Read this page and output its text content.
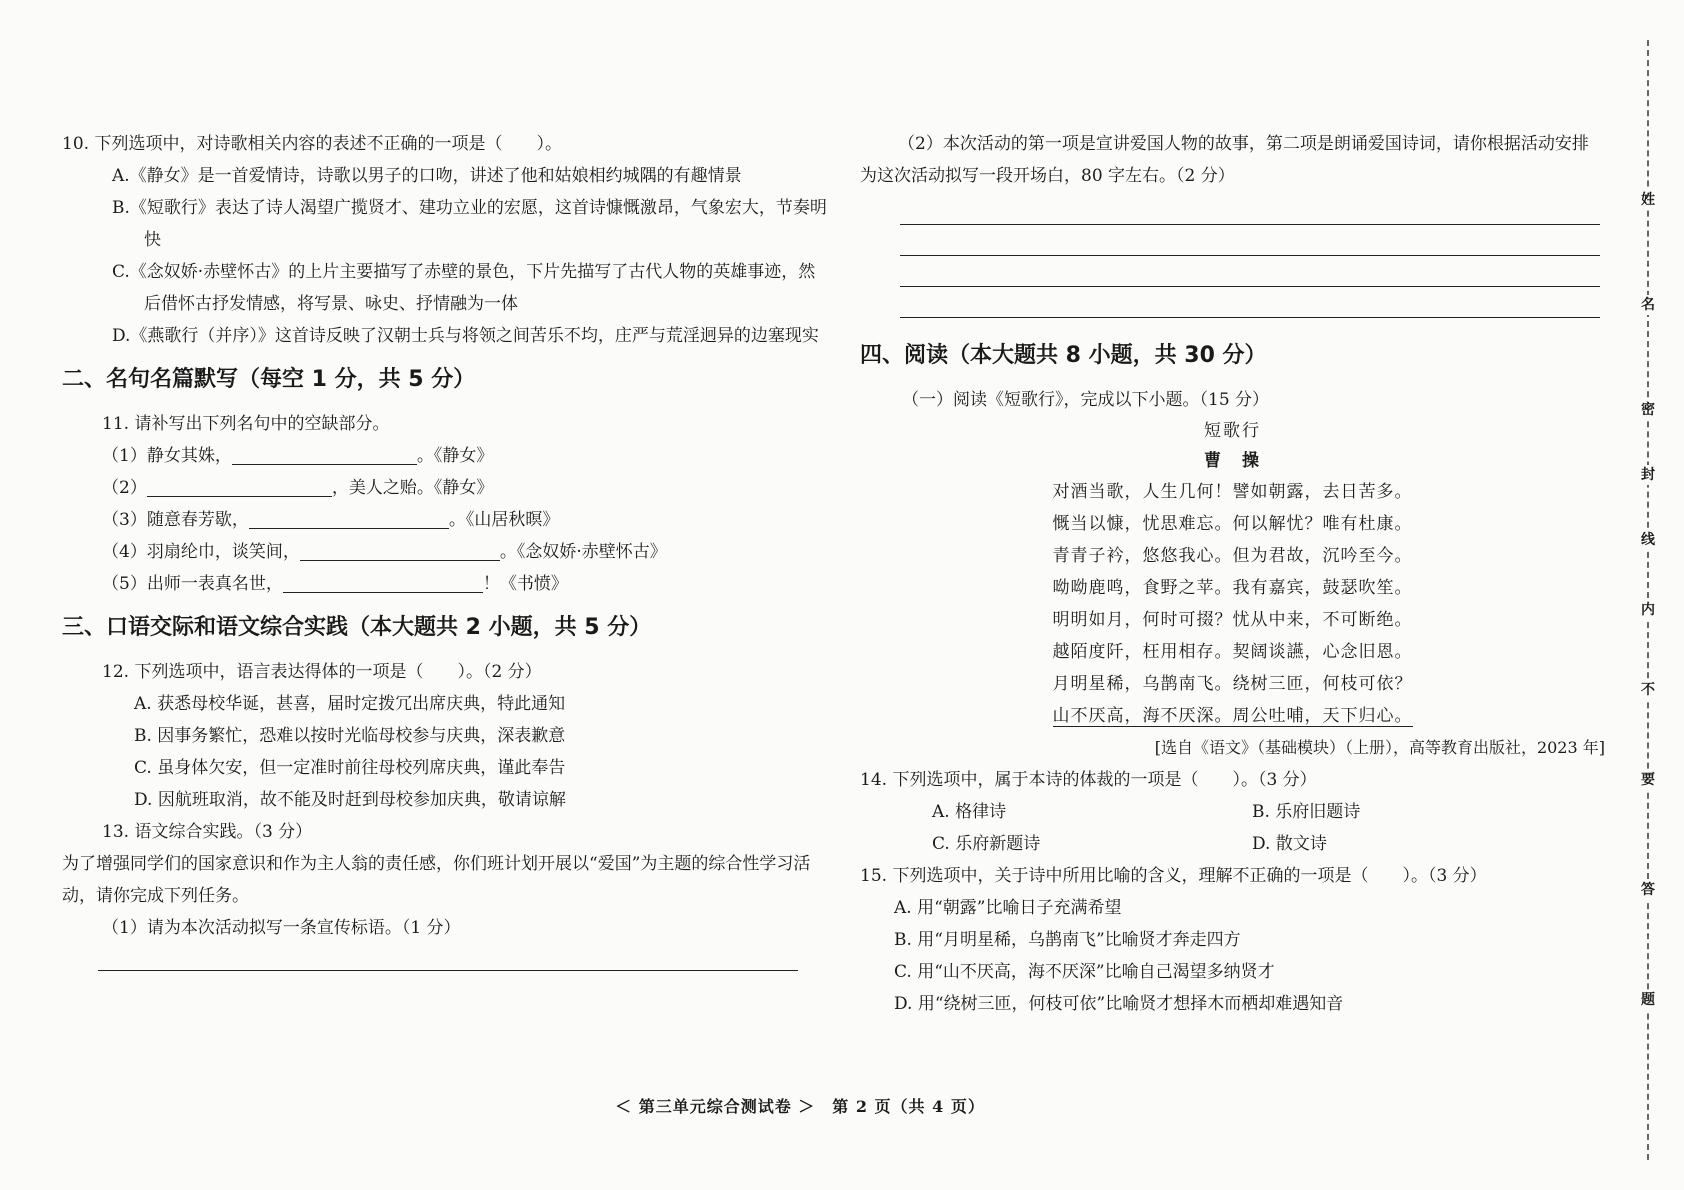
10. 下列选项中，对诗歌相关内容的表述不正确的一项是（　　）。
A.《静女》是一首爱情诗，诗歌以男子的口吻，讲述了他和姑娘相约城隅的有趣情景
B.《短歌行》表达了诗人渴望广揽贤才、建功立业的宏愿，这首诗慷慨激昂，气象宏大，节奏明快
C.《念奴娇·赤壁怀古》的上片主要描写了赤壁的景色，下片先描写了古代人物的英雄事迹，然后借怀古抒发情感，将写景、咏史、抒情融为一体
D.《燕歌行（并序）》这首诗反映了汉朝士兵与将领之间苦乐不均，庄严与荒淫迥异的边塞现实
二、名句名篇默写（每空 1 分，共 5 分）
11. 请补写出下列名句中的空缺部分。
（1）静女其姝，	。《静女》
（2）	，美人之贻。《静女》
（3）随意春芳歇，	。《山居秋暝》
（4）羽扇纶巾，谈笑间，	。《念奴娇·赤壁怀古》
（5）出师一表真名世，	！《书愤》
三、口语交际和语文综合实践（本大题共 2 小题，共 5 分）
12. 下列选项中，语言表达得体的一项是（　　）。（2 分）
A. 获悉母校华诞，甚喜，届时定拨冗出席庆典，特此通知
B. 因事务繁忙，恐难以按时光临母校参与庆典，深表歉意
C. 虽身体欠安，但一定准时前往母校列席庆典，谨此奉告
D. 因航班取消，故不能及时赶到母校参加庆典，敬请谅解
13. 语文综合实践。（3 分）
为了增强同学们的国家意识和作为主人翁的责任感，你们班计划开展以“爱国”为主题的综合性学习活动，请你完成下列任务。
（1）请为本次活动拟写一条宣传标语。（1 分）
（2）本次活动的第一项是宣讲爱国人物的故事，第二项是朗诵爱国诗词，请你根据活动安排为这次活动拟写一段开场白，80 字左右。（2 分）
四、阅读（本大题共 8 小题，共 30 分）
（一）阅读《短歌行》，完成以下小题。（15 分）
短歌行
曹　操
对酒当歌，人生几何！譬如朝露，去日苦多。
慨当以慷，忧思难忘。何以解忧？唯有杜康。
青青子衿，悠悠我心。但为君故，沉吟至今。
呦呦鹿鸣，食野之苹。我有嘉宾，鼓瑟吹笙。
明明如月，何时可掇？忧从中来，不可断绝。
越陌度阡，枉用相存。契阔谈讌，心念旧恩。
月明星稀，乌鹊南飞。绕树三匝，何枝可依？
山不厌高，海不厌深。周公吐哺，天下归心。
[选自《语文》（基础模块）（上册），高等教育出版社，2023 年]
14. 下列选项中，属于本诗的体裁的一项是（　　）。（3 分）
A. 格律诗	B. 乐府旧题诗
C. 乐府新题诗	D. 散文诗
15. 下列选项中，关于诗中所用比喻的含义，理解不正确的一项是（　　）。（3 分）
A. 用“朝露”比喻日子充满希望
B. 用“月明星稀，乌鹊南飞”比喻贤才奔走四方
C. 用“山不厌高，海不厌深”比喻自己渴望多纳贤才
D. 用“绕树三匝，何枝可依”比喻贤才想择木而栖却难遇知音
＜ 第三单元综合测试卷 ＞　第 2 页（共 4 页）
姓
名
密
封
线
内
不
要
答
题
